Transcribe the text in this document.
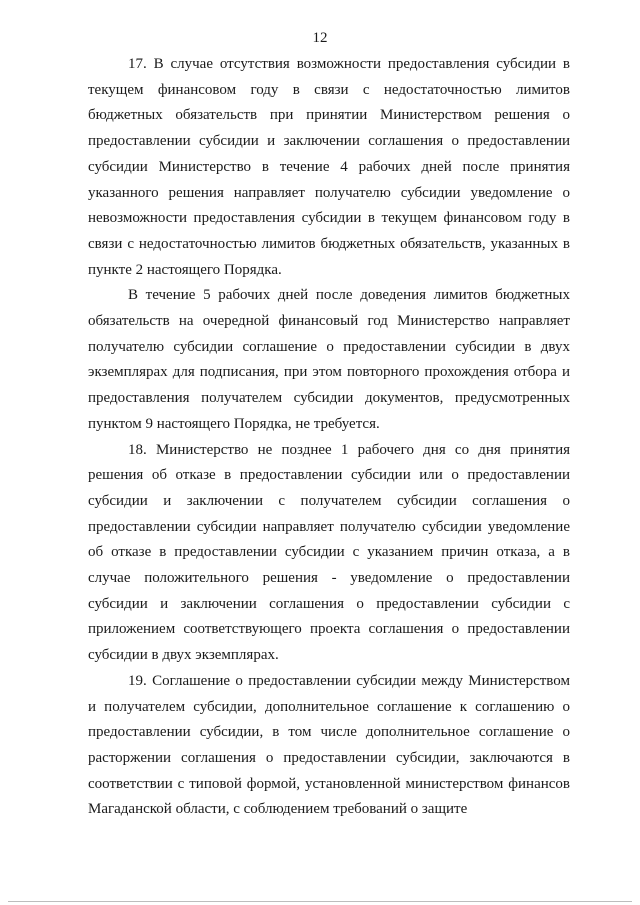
12

17. В случае отсутствия возможности предоставления субсидии в текущем финансовом году в связи с недостаточностью лимитов бюджетных обязательств при принятии Министерством решения о предоставлении субсидии и заключении соглашения о предоставлении субсидии Министерство в течение 4 рабочих дней после принятия указанного решения направляет получателю субсидии уведомление о невозможности предоставления субсидии в текущем финансовом году в связи с недостаточностью лимитов бюджетных обязательств, указанных в пункте 2 настоящего Порядка.

В течение 5 рабочих дней после доведения лимитов бюджетных обязательств на очередной финансовый год Министерство направляет получателю субсидии соглашение о предоставлении субсидии в двух экземплярах для подписания, при этом повторного прохождения отбора и предоставления получателем субсидии документов, предусмотренных пунктом 9 настоящего Порядка, не требуется.

18. Министерство не позднее 1 рабочего дня со дня принятия решения об отказе в предоставлении субсидии или о предоставлении субсидии и заключении с получателем субсидии соглашения о предоставлении субсидии направляет получателю субсидии уведомление об отказе в предоставлении субсидии с указанием причин отказа, а в случае положительного решения - уведомление о предоставлении субсидии и заключении соглашения о предоставлении субсидии с приложением соответствующего проекта соглашения о предоставлении субсидии в двух экземплярах.

19. Соглашение о предоставлении субсидии между Министерством и получателем субсидии, дополнительное соглашение к соглашению о предоставлении субсидии, в том числе дополнительное соглашение о расторжении соглашения о предоставлении субсидии, заключаются в соответствии с типовой формой, установленной министерством финансов Магаданской области, с соблюдением требований о защите
